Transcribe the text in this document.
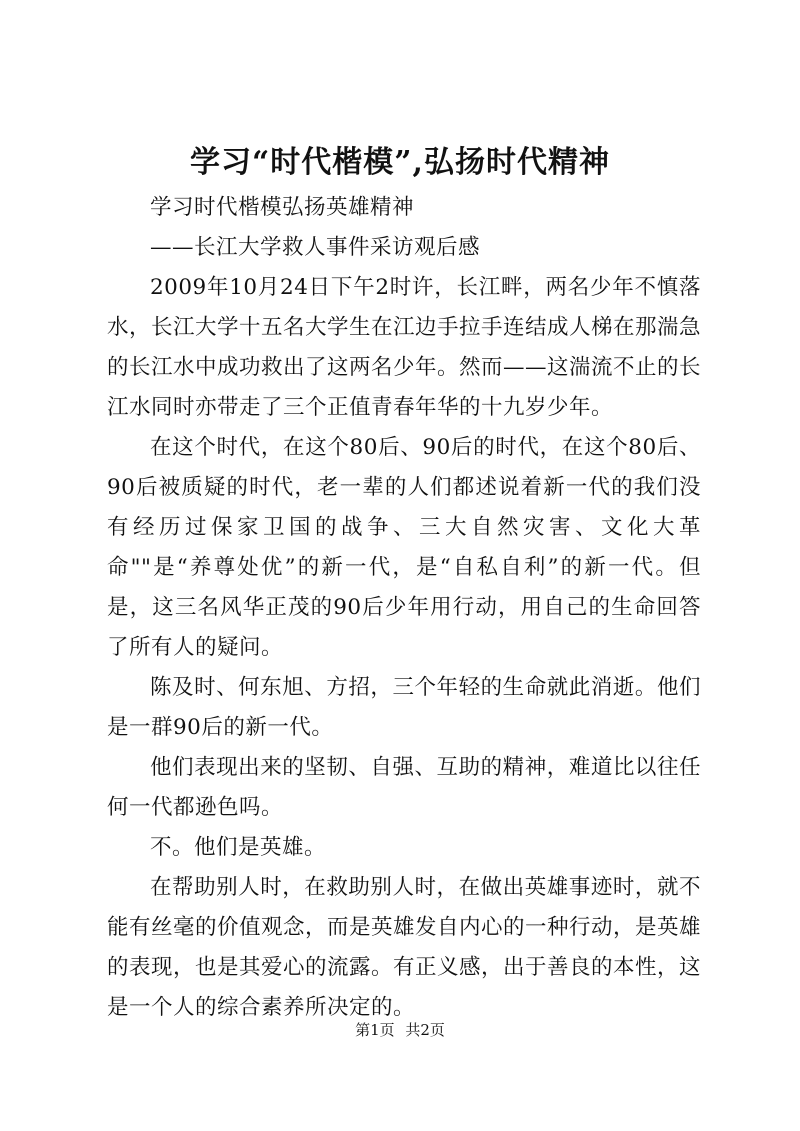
学习“时代楷模”,弘扬时代精神

学习时代楷模弘扬英雄精神

——长江大学救人事件采访观后感

2009年10月24日下午2时许，长江畔，两名少年不慎落水，长江大学十五名大学生在江边手拉手连结成人梯在那湍急的长江水中成功救出了这两名少年。然而——这湍流不止的长江水同时亦带走了三个正值青春年华的十九岁少年。

在这个时代，在这个80后、90后的时代，在这个80后、90后被质疑的时代，老一辈的人们都述说着新一代的我们没有经历过保家卫国的战争、三大自然灾害、文化大革命""是“养尊处优”的新一代，是“自私自利”的新一代。但是，这三名风华正茂的90后少年用行动，用自己的生命回答了所有人的疑问。

陈及时、何东旭、方招，三个年轻的生命就此消逝。他们是一群90后的新一代。

他们表现出来的坚韧、自强、互助的精神，难道比以往任何一代都逊色吗。

不。他们是英雄。

在帮助别人时，在救助别人时，在做出英雄事迹时，就不能有丝毫的价值观念，而是英雄发自内心的一种行动，是英雄的表现，也是其爱心的流露。有正义感，出于善良的本性，这是一个人的综合素养所决定的。

第1页 共2页
